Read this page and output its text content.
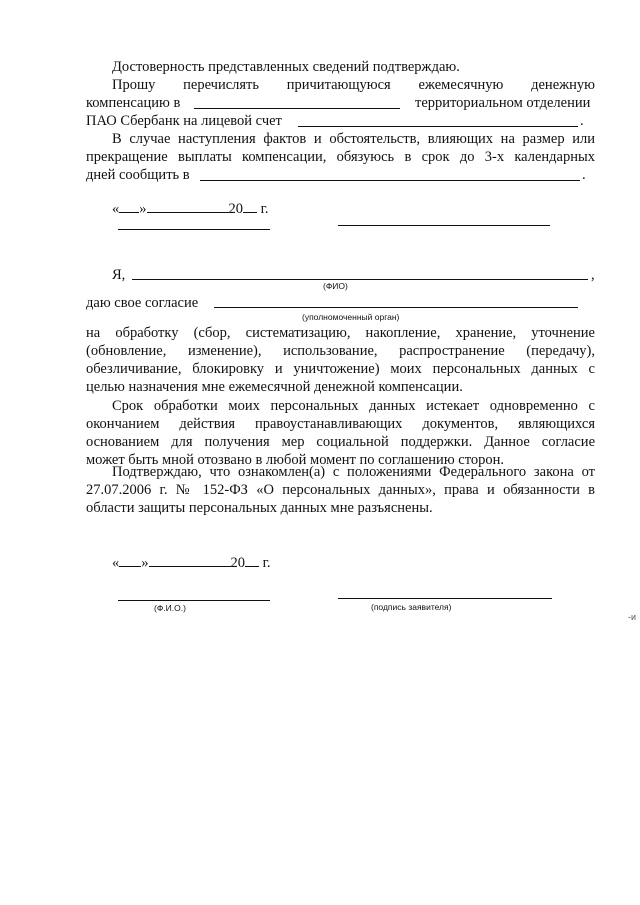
Достоверность представленных сведений подтверждаю.
Прошу перечислять причитающуюся ежемесячную денежную
компенсацию в	территориальном отделении
ПАО Сбербанк на лицевой счет	.
В случае наступления фактов и обстоятельств, влияющих на размер или
прекращение выплаты компенсации, обязуюсь в срок до 3-х календарных
дней сообщить в	.
« »	20 г.
Я,	,
(ФИО)
даю свое согласие
(уполномоченный орган)
на обработку (сбор, систематизацию, накопление, хранение, уточнение
(обновление, изменение), использование, распространение (передачу),
обезличивание, блокировку и уничтожение) моих персональных данных с
целью назначения мне ежемесячной денежной компенсации.
Срок обработки моих персональных данных истекает одновременно с
окончанием действия правоустанавливающих документов, являющихся
основанием для получения мер социальной поддержки. Данное согласие
может быть мной отозвано в любой момент по соглашению сторон.
Подтверждаю, что ознакомлен(а) с положениями Федерального закона от
27.07.2006 г. № 152-ФЗ «О персональных данных», права и обязанности в
области защиты персональных данных мне разъяснены.
« »	20 г.
(Ф.И.О.)	(подпись заявителя)
-и
